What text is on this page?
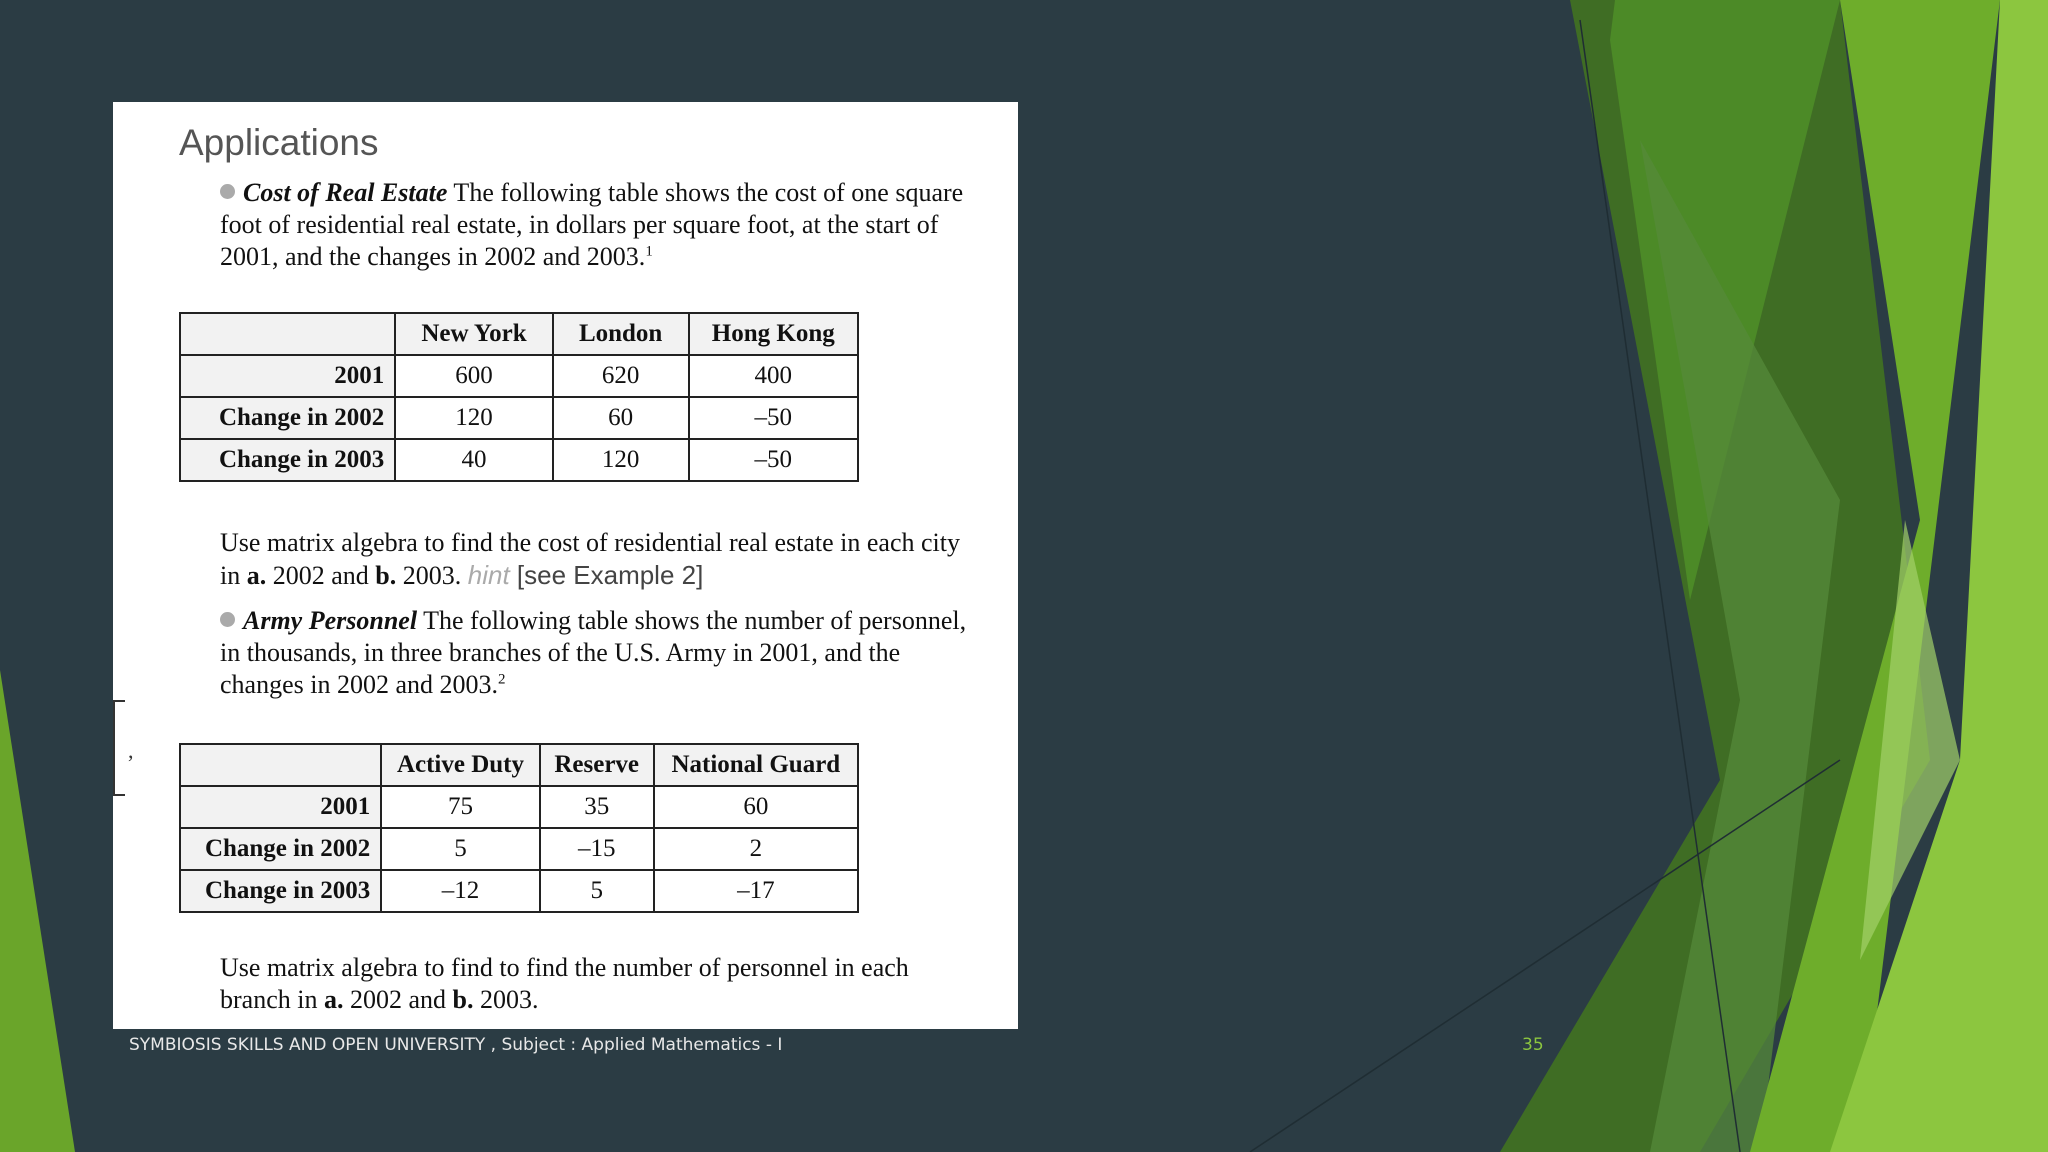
Applications
Cost of Real Estate The following table shows the cost of one square foot of residential real estate, in dollars per square foot, at the start of 2001, and the changes in 2002 and 2003.$^1$
	New York	London	Hong Kong
2001	600	620	400
Change in 2002	120	60	–50
Change in 2003	40	120	–50
Use matrix algebra to find the cost of residential real estate in each city in a. 2002 and b. 2003. hint [see Example 2]
Army Personnel The following table shows the number of personnel, in thousands, in three branches of the U.S. Army in 2001, and the changes in 2002 and 2003.$^2$
	Active Duty	Reserve	National Guard
2001	75	35	60
Change in 2002	5	–15	2
Change in 2003	–12	5	–17
Use matrix algebra to find to find the number of personnel in each branch in a. 2002 and b. 2003.
,
SYMBIOSIS SKILLS AND OPEN UNIVERSITY , Subject : Applied Mathematics - I	35
